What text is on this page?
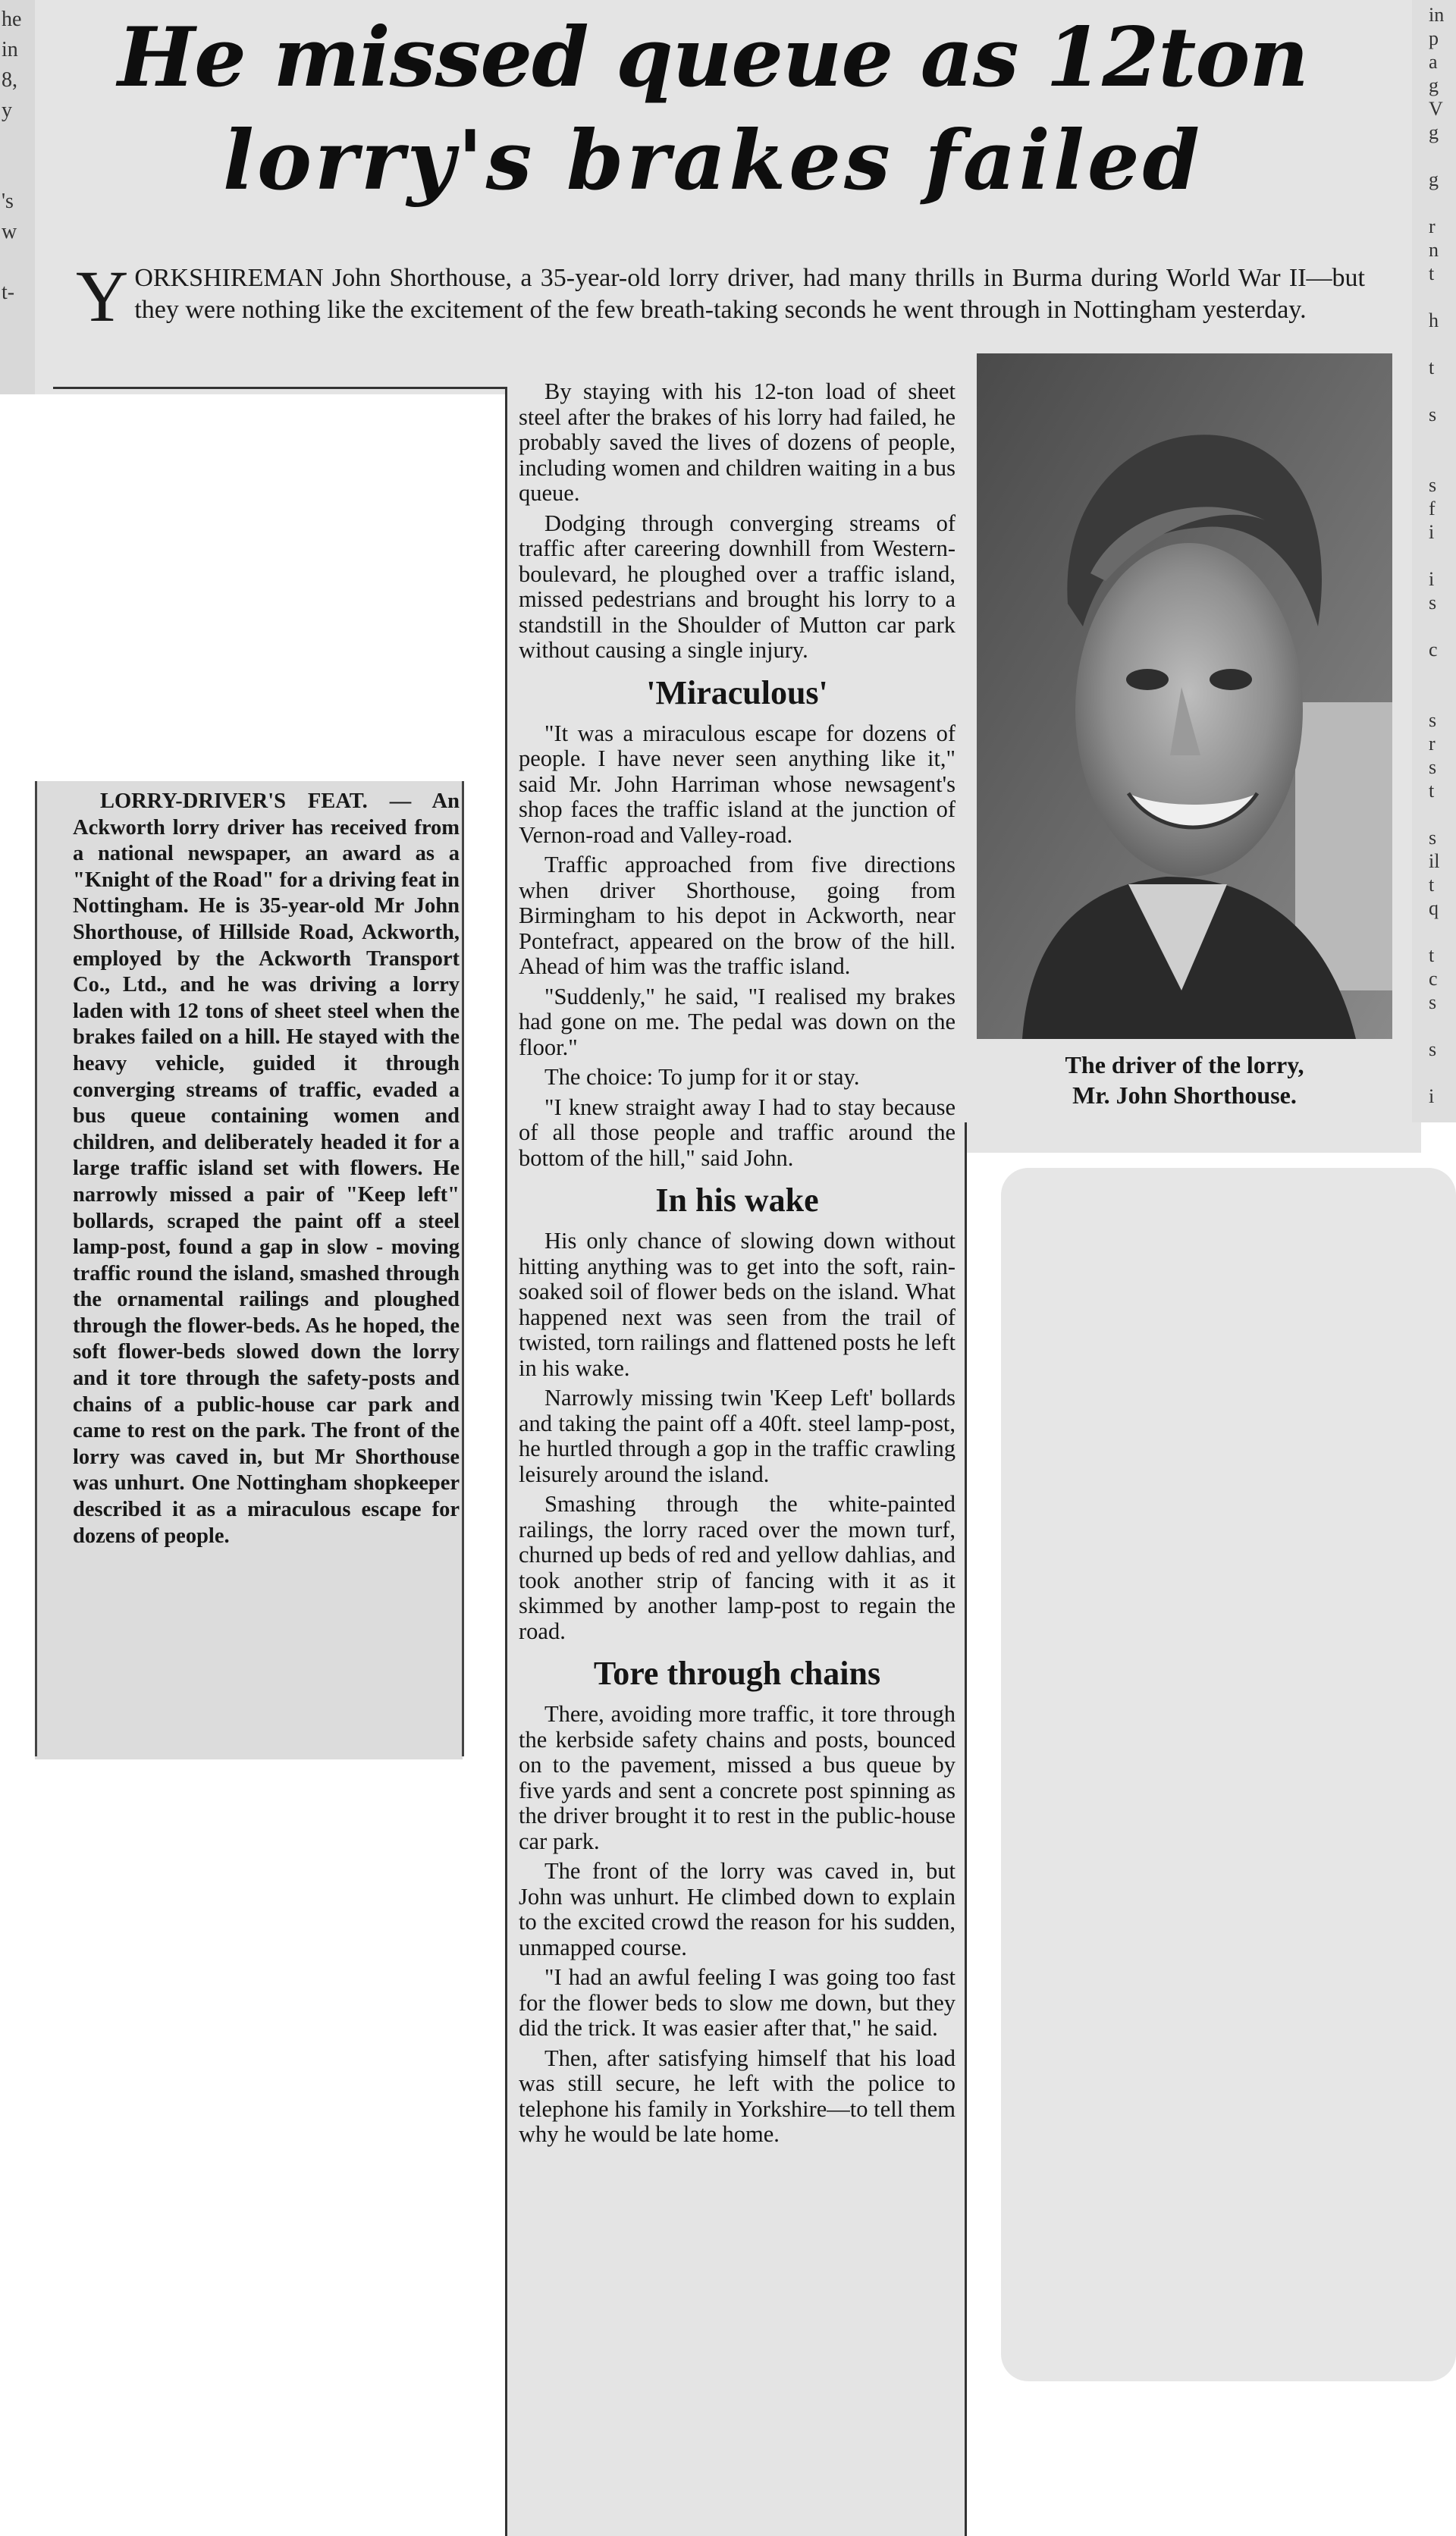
he
in
8,
y

's
w

t-
in
p
a
g
V
g

g

r
n
t

h

t

s

s
f
i

i
s

c

s
r
s
t

s
il
t
q

t
c
s

s

i
He missed queue as 12ton
lorry's brakes failed
Y ORKSHIREMAN John Shorthouse, a 35-year-old lorry driver, had many thrills in Burma during World War II—but they were nothing like the excitement of the few breath-taking seconds he went through in Nottingham yesterday.

By staying with his 12-ton load of sheet steel after the brakes of his lorry had failed, he probably saved the lives of dozens of people, including women and children waiting in a bus queue.

Dodging through converging streams of traffic after careering downhill from Western-boulevard, he ploughed over a traffic island, missed pedestrians and brought his lorry to a standstill in the Shoulder of Mutton car park without causing a single injury.

'Miraculous'

"It was a miraculous escape for dozens of people. I have never seen anything like it," said Mr. John Harriman whose newsagent's shop faces the traffic island at the junction of Vernon-road and Valley-road.

Traffic approached from five directions when driver Shorthouse, going from Birmingham to his depot in Ackworth, near Pontefract, appeared on the brow of the hill. Ahead of him was the traffic island.

"Suddenly," he said, "I realised my brakes had gone on me. The pedal was down on the floor."

The choice: To jump for it or stay.

"I knew straight away I had to stay because of all those people and traffic around the bottom of the hill," said John.

In his wake

His only chance of slowing down without hitting anything was to get into the soft, rain-soaked soil of flower beds on the island. What happened next was seen from the trail of twisted, torn railings and flattened posts he left in his wake.

Narrowly missing twin 'Keep Left' bollards and taking the paint off a 40ft. steel lamp-post, he hurtled through a gop in the traffic crawling leisurely around the island.

Smashing through the white-painted railings, the lorry raced over the mown turf, churned up beds of red and yellow dahlias, and took another strip of fancing with it as it skimmed by another lamp-post to regain the road.

Tore through chains

There, avoiding more traffic, it tore through the kerbside safety chains and posts, bounced on to the pavement, missed a bus queue by five yards and sent a concrete post spinning as the driver brought it to rest in the public-house car park.

The front of the lorry was caved in, but John was unhurt. He climbed down to explain to the excited crowd the reason for his sudden, unmapped course.

"I had an awful feeling I was going too fast for the flower beds to slow me down, but they did the trick. It was easier after that," he said.

Then, after satisfying himself that his load was still secure, he left with the police to telephone his family in Yorkshire—to tell them why he would be late home.

The driver of the lorry,
Mr. John Shorthouse.

LORRY-DRIVER'S FEAT. — An Ackworth lorry driver has received from a national newspaper, an award as a "Knight of the Road" for a driving feat in Nottingham. He is 35-year-old Mr John Shorthouse, of Hillside Road, Ackworth, employed by the Ackworth Transport Co., Ltd., and he was driving a lorry laden with 12 tons of sheet steel when the brakes failed on a hill. He stayed with the heavy vehicle, guided it through converging streams of traffic, evaded a bus queue containing women and children, and deliberately headed it for a large traffic island set with flowers. He narrowly missed a pair of "Keep left" bollards, scraped the paint off a steel lamp-post, found a gap in slow - moving traffic round the island, smashed through the ornamental railings and ploughed through the flower-beds. As he hoped, the soft flower-beds slowed down the lorry and it tore through the safety-posts and chains of a public-house car park and came to rest on the park. The front of the lorry was caved in, but Mr Shorthouse was unhurt. One Nottingham shopkeeper described it as a miraculous escape for dozens of people.
